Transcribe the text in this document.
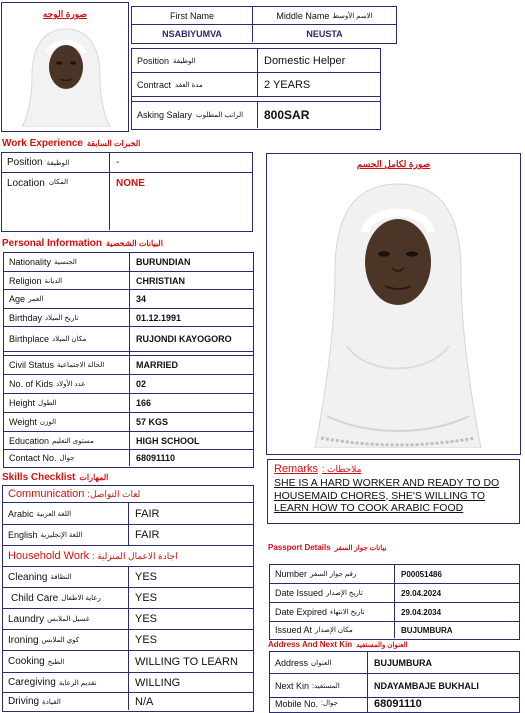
صورة الوجه	First Name	Middle Name الاسم الأوسط
NSABIYUMVA	NEUSTA
Position الوظيفة	Domestic Helper
Contract مدة العقد	2 YEARS
Asking Salary الراتب المطلوب	800SAR
Work Experience الخبرات السابقة
Position الوظيفة	-
Location المكان	NONE
Personal Information البيانات الشخصية
Nationality الجنسية	BURUNDIAN
Religion الديانة	CHRISTIAN
Age العمر	34
Birthday تاريخ الميلاد	01.12.1991
Birthplace مكان الميلاد	RUJONDI KAYOGORO
Civil Status الحالة الاجتماعية	MARRIED
No. of Kids عدد الأولاد	02
Height الطول	166
Weight الوزن	57 KGS
Education مستوى التعليم	HIGH SCHOOL
Contact No. جوال	68091110
Skills Checklist المهارات
Communication :لغات التواصل
Arabic اللغة العربية	FAIR
English اللغة الإنجليزية	FAIR
Household Work : اجادة الاعمال المنزلية
Cleaning النظافة	YES
Child Care رعاية الاطفال	YES
Laundry غسيل الملابس	YES
Ironing كوي الملابس	YES
Cooking الطبخ	WILLING TO LEARN
Caregiving تقديم الرعاية	WILLING
Driving القيادة	N/A
صورة لكامل الجسم
Remarks : ملاحظات
SHE IS A HARD WORKER AND READY TO DO HOUSEMAID CHORES, SHE'S WILLING TO LEARN HOW TO COOK ARABIC FOOD
Passport Details بيانات جواز السفر
Number رقم جواز السفر	P00051486
Date Issued تاريخ الإصدار	29.04.2024
Date Expired تاريخ الانتهاء	29.04.2034
Issued At مكان الإصدار	BUJUMBURA
Address And Next Kin العنوان والمستفيد
Address العنوان	BUJUMBURA
Next Kin :المستفيد	NDAYAMBAJE BUKHALI
Mobile No. :جوال	68091110
